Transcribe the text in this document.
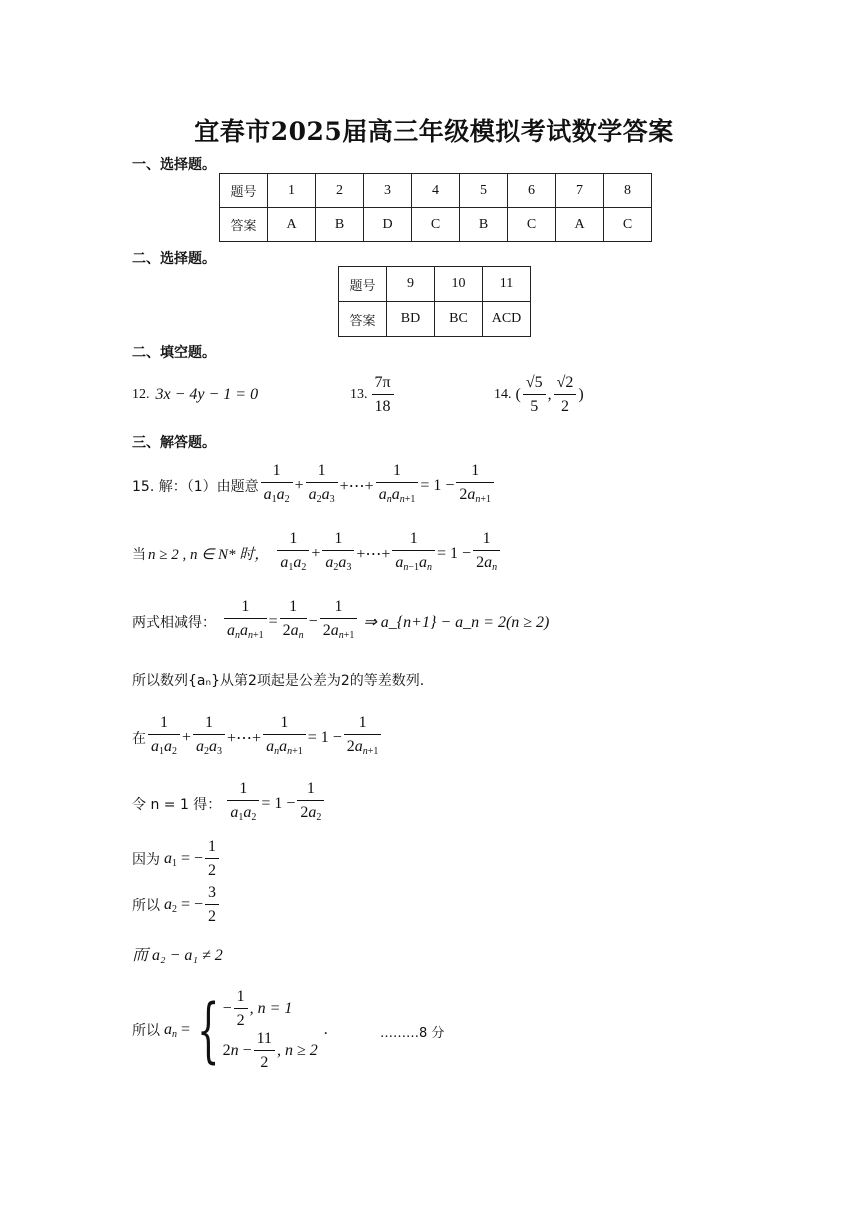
宜春市2025届高三年级模拟考试数学答案
一、选择题。
题号	1	2	3	4	5	6	7	8
答案	A	B	D	C	B	C	A	C
二、选择题。
题号	9	10	11
答案	BD	BC	ACD
二、填空题。
12. 3x − 4y − 1 = 0	13. $\frac{7\pi}{18}$	14. ( $\frac{√5}{5}$ , $\frac{√2}{2}$ )
三、解答题。
15. 解：（1）由题意 $\frac{1}{a_1a_2} + \frac{1}{a_2a_3}$ +⋯+ $\frac{1}{a_na_{n+1}} = 1 - \frac{1}{2a_{n+1}}$
当 n ≥ 2 , n ∈ N* 时， $\frac{1}{a_1a_2} + \frac{1}{a_2a_3}$ +⋯+ $\frac{1}{a_{n-1}a_n} = 1 - \frac{1}{2a_n}$
两式相减得： $\frac{1}{a_na_{n+1}} = \frac{1}{2a_n} - \frac{1}{2a_{n+1}}$ ⇒ a_{n+1} − a_n = 2(n ≥ 2)
所以数列{aₙ}从第2项起是公差为2的等差数列.
在 $\frac{1}{a_1a_2} + \frac{1}{a_2a_3}$ +⋯+ $\frac{1}{a_na_{n+1}} = 1 - \frac{1}{2a_{n+1}}$
令 n = 1 得： $\frac{1}{a_1a_2} = 1 - \frac{1}{2a_2}$
因为 $a_1$ = − $\frac{1}{2}$
所以 $a_2$ = − $\frac{3}{2}$
而 a₂ − a₁ ≠ 2
所以 $a_n$ = { − $\frac{1}{2}$ , n = 1
$2n - \frac{11}{2}$ , n ≥ 2
.	………8 分
